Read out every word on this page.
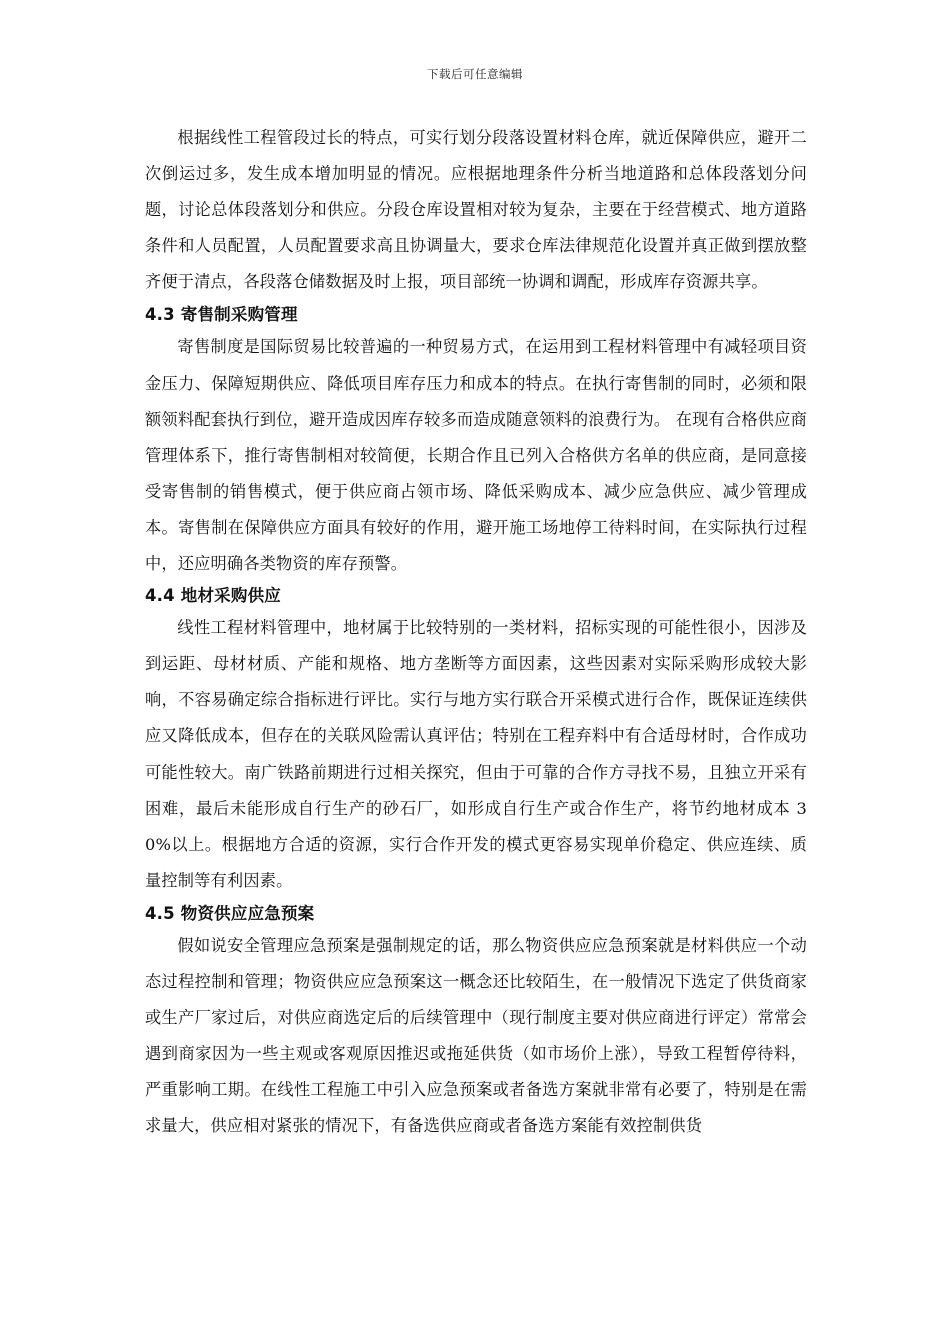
下载后可任意编辑

根据线性工程管段过长的特点，可实行划分段落设置材料仓库，就近保障供应，避开二次倒运过多，发生成本增加明显的情况。应根据地理条件分析当地道路和总体段落划分问题，讨论总体段落划分和供应。分段仓库设置相对较为复杂，主要在于经营模式、地方道路条件和人员配置，人员配置要求高且协调量大，要求仓库法律规范化设置并真正做到摆放整齐便于清点，各段落仓储数据及时上报，项目部统一协调和调配，形成库存资源共享。

4.3 寄售制采购管理

寄售制度是国际贸易比较普遍的一种贸易方式，在运用到工程材料管理中有减轻项目资金压力、保障短期供应、降低项目库存压力和成本的特点。在执行寄售制的同时，必须和限额领料配套执行到位，避开造成因库存较多而造成随意领料的浪费行为。 在现有合格供应商管理体系下，推行寄售制相对较简便，长期合作且已列入合格供方名单的供应商，是同意接受寄售制的销售模式，便于供应商占领市场、降低采购成本、减少应急供应、减少管理成本。寄售制在保障供应方面具有较好的作用，避开施工场地停工待料时间，在实际执行过程中，还应明确各类物资的库存预警。

4.4 地材采购供应

线性工程材料管理中，地材属于比较特别的一类材料，招标实现的可能性很小，因涉及到运距、母材材质、产能和规格、地方垄断等方面因素，这些因素对实际采购形成较大影响，不容易确定综合指标进行评比。实行与地方实行联合开采模式进行合作，既保证连续供应又降低成本，但存在的关联风险需认真评估；特别在工程弃料中有合适母材时，合作成功可能性较大。南广铁路前期进行过相关探究，但由于可靠的合作方寻找不易，且独立开采有困难，最后未能形成自行生产的砂石厂，如形成自行生产或合作生产，将节约地材成本 30%以上。根据地方合适的资源，实行合作开发的模式更容易实现单价稳定、供应连续、质量控制等有利因素。

4.5 物资供应应急预案

假如说安全管理应急预案是强制规定的话，那么物资供应应急预案就是材料供应一个动态过程控制和管理；物资供应应急预案这一概念还比较陌生，在一般情况下选定了供货商家或生产厂家过后，对供应商选定后的后续管理中（现行制度主要对供应商进行评定）常常会遇到商家因为一些主观或客观原因推迟或拖延供货（如市场价上涨），导致工程暂停待料，严重影响工期。在线性工程施工中引入应急预案或者备选方案就非常有必要了，特别是在需求量大，供应相对紧张的情况下，有备选供应商或者备选方案能有效控制供货
